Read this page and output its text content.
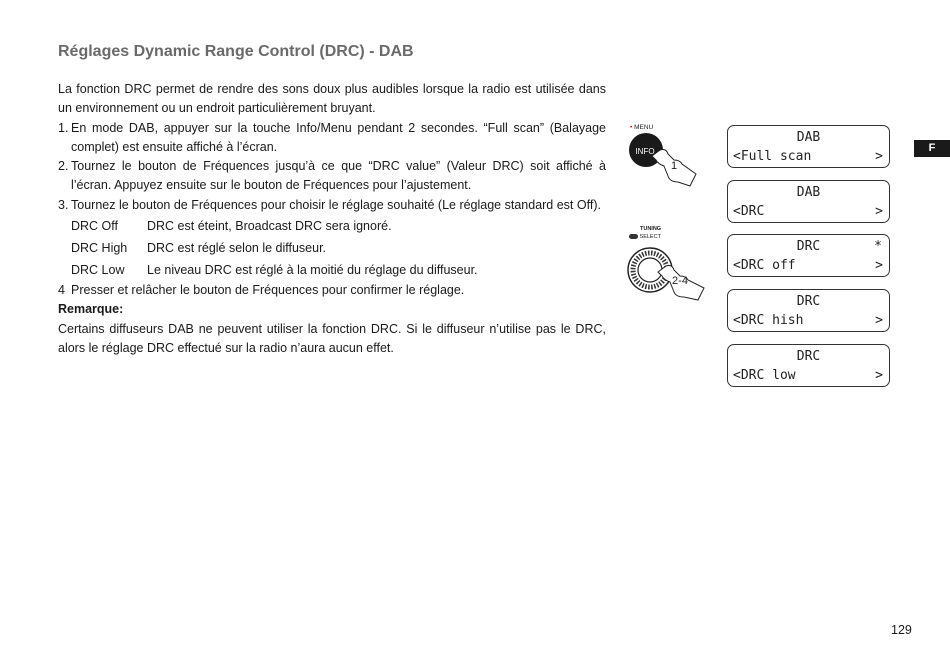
Réglages Dynamic Range Control (DRC) - DAB

La fonction DRC permet de rendre des sons doux plus audibles lorsque la radio est utilisée dans un environnement ou un endroit particulièrement bruyant.

1. En mode DAB, appuyer sur la touche Info/Menu pendant 2 secondes. “Full scan” (Balayage complet) est ensuite affiché à l’écran.
2. Tournez le bouton de Fréquences jusqu’à ce que “DRC value” (Valeur DRC) soit affiché à l’écran. Appuyez ensuite sur le bouton de Fréquences pour l’ajustement.
3. Tournez le bouton de Fréquences pour choisir le réglage souhaité (Le réglage standard est Off).
DRC Off	DRC est éteint, Broadcast DRC sera ignoré.
DRC High	DRC est réglé selon le diffuseur.
DRC Low	Le niveau DRC est réglé à la moitié du réglage du diffuseur.
4 Presser et relâcher le bouton de Fréquences pour confirmer le réglage.

Remarque:

Certains diffuseurs DAB ne peuvent utiliser la fonction DRC. Si le diffuseur n’utilise pas le DRC, alors le réglage DRC effectué sur la radio n’aura aucun effet.

• MENU
INFO
1
TUNING
SELECT
2-4
DAB
<Full scan	>
DAB
<DRC	>
DRC	*
<DRC off	>
DRC
<DRC hish	>
DRC
<DRC low	>
F
129
